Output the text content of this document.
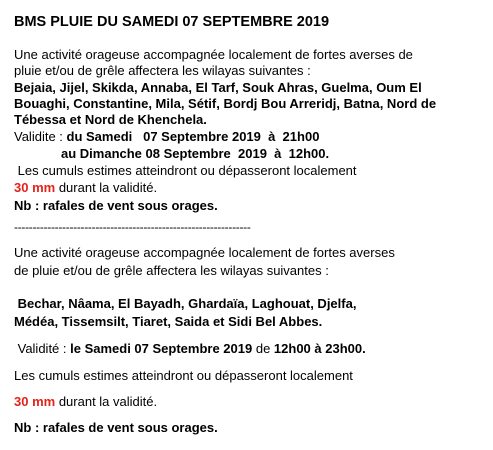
BMS PLUIE DU SAMEDI 07 SEPTEMBRE 2019
Une activité orageuse accompagnée localement de fortes averses de
pluie et/ou de grêle affectera les wilayas suivantes :
Bejaia, Jijel, Skikda, Annaba, El Tarf, Souk Ahras, Guelma, Oum El
Bouaghi, Constantine, Mila, Sétif, Bordj Bou Arreridj, Batna, Nord de
Tébessa et Nord de Khenchela.
Validite : du Samedi   07 Septembre 2019  à  21h00
au Dimanche 08 Septembre  2019  à  12h00.
Les cumuls estimes atteindront ou dépasseront localement
30 mm durant la validité.
Nb : rafales de vent sous orages.
----------------------------------------------------------------
Une activité orageuse accompagnée localement de fortes averses
de pluie et/ou de grêle affectera les wilayas suivantes :
Bechar, Nâama, El Bayadh, Ghardaïa, Laghouat, Djelfa,
Médéa, Tissemsilt, Tiaret, Saida et Sidi Bel Abbes.
Validité : le Samedi 07 Septembre 2019 de 12h00 à 23h00.
Les cumuls estimes atteindront ou dépasseront localement
30 mm durant la validité.
Nb : rafales de vent sous orages.
